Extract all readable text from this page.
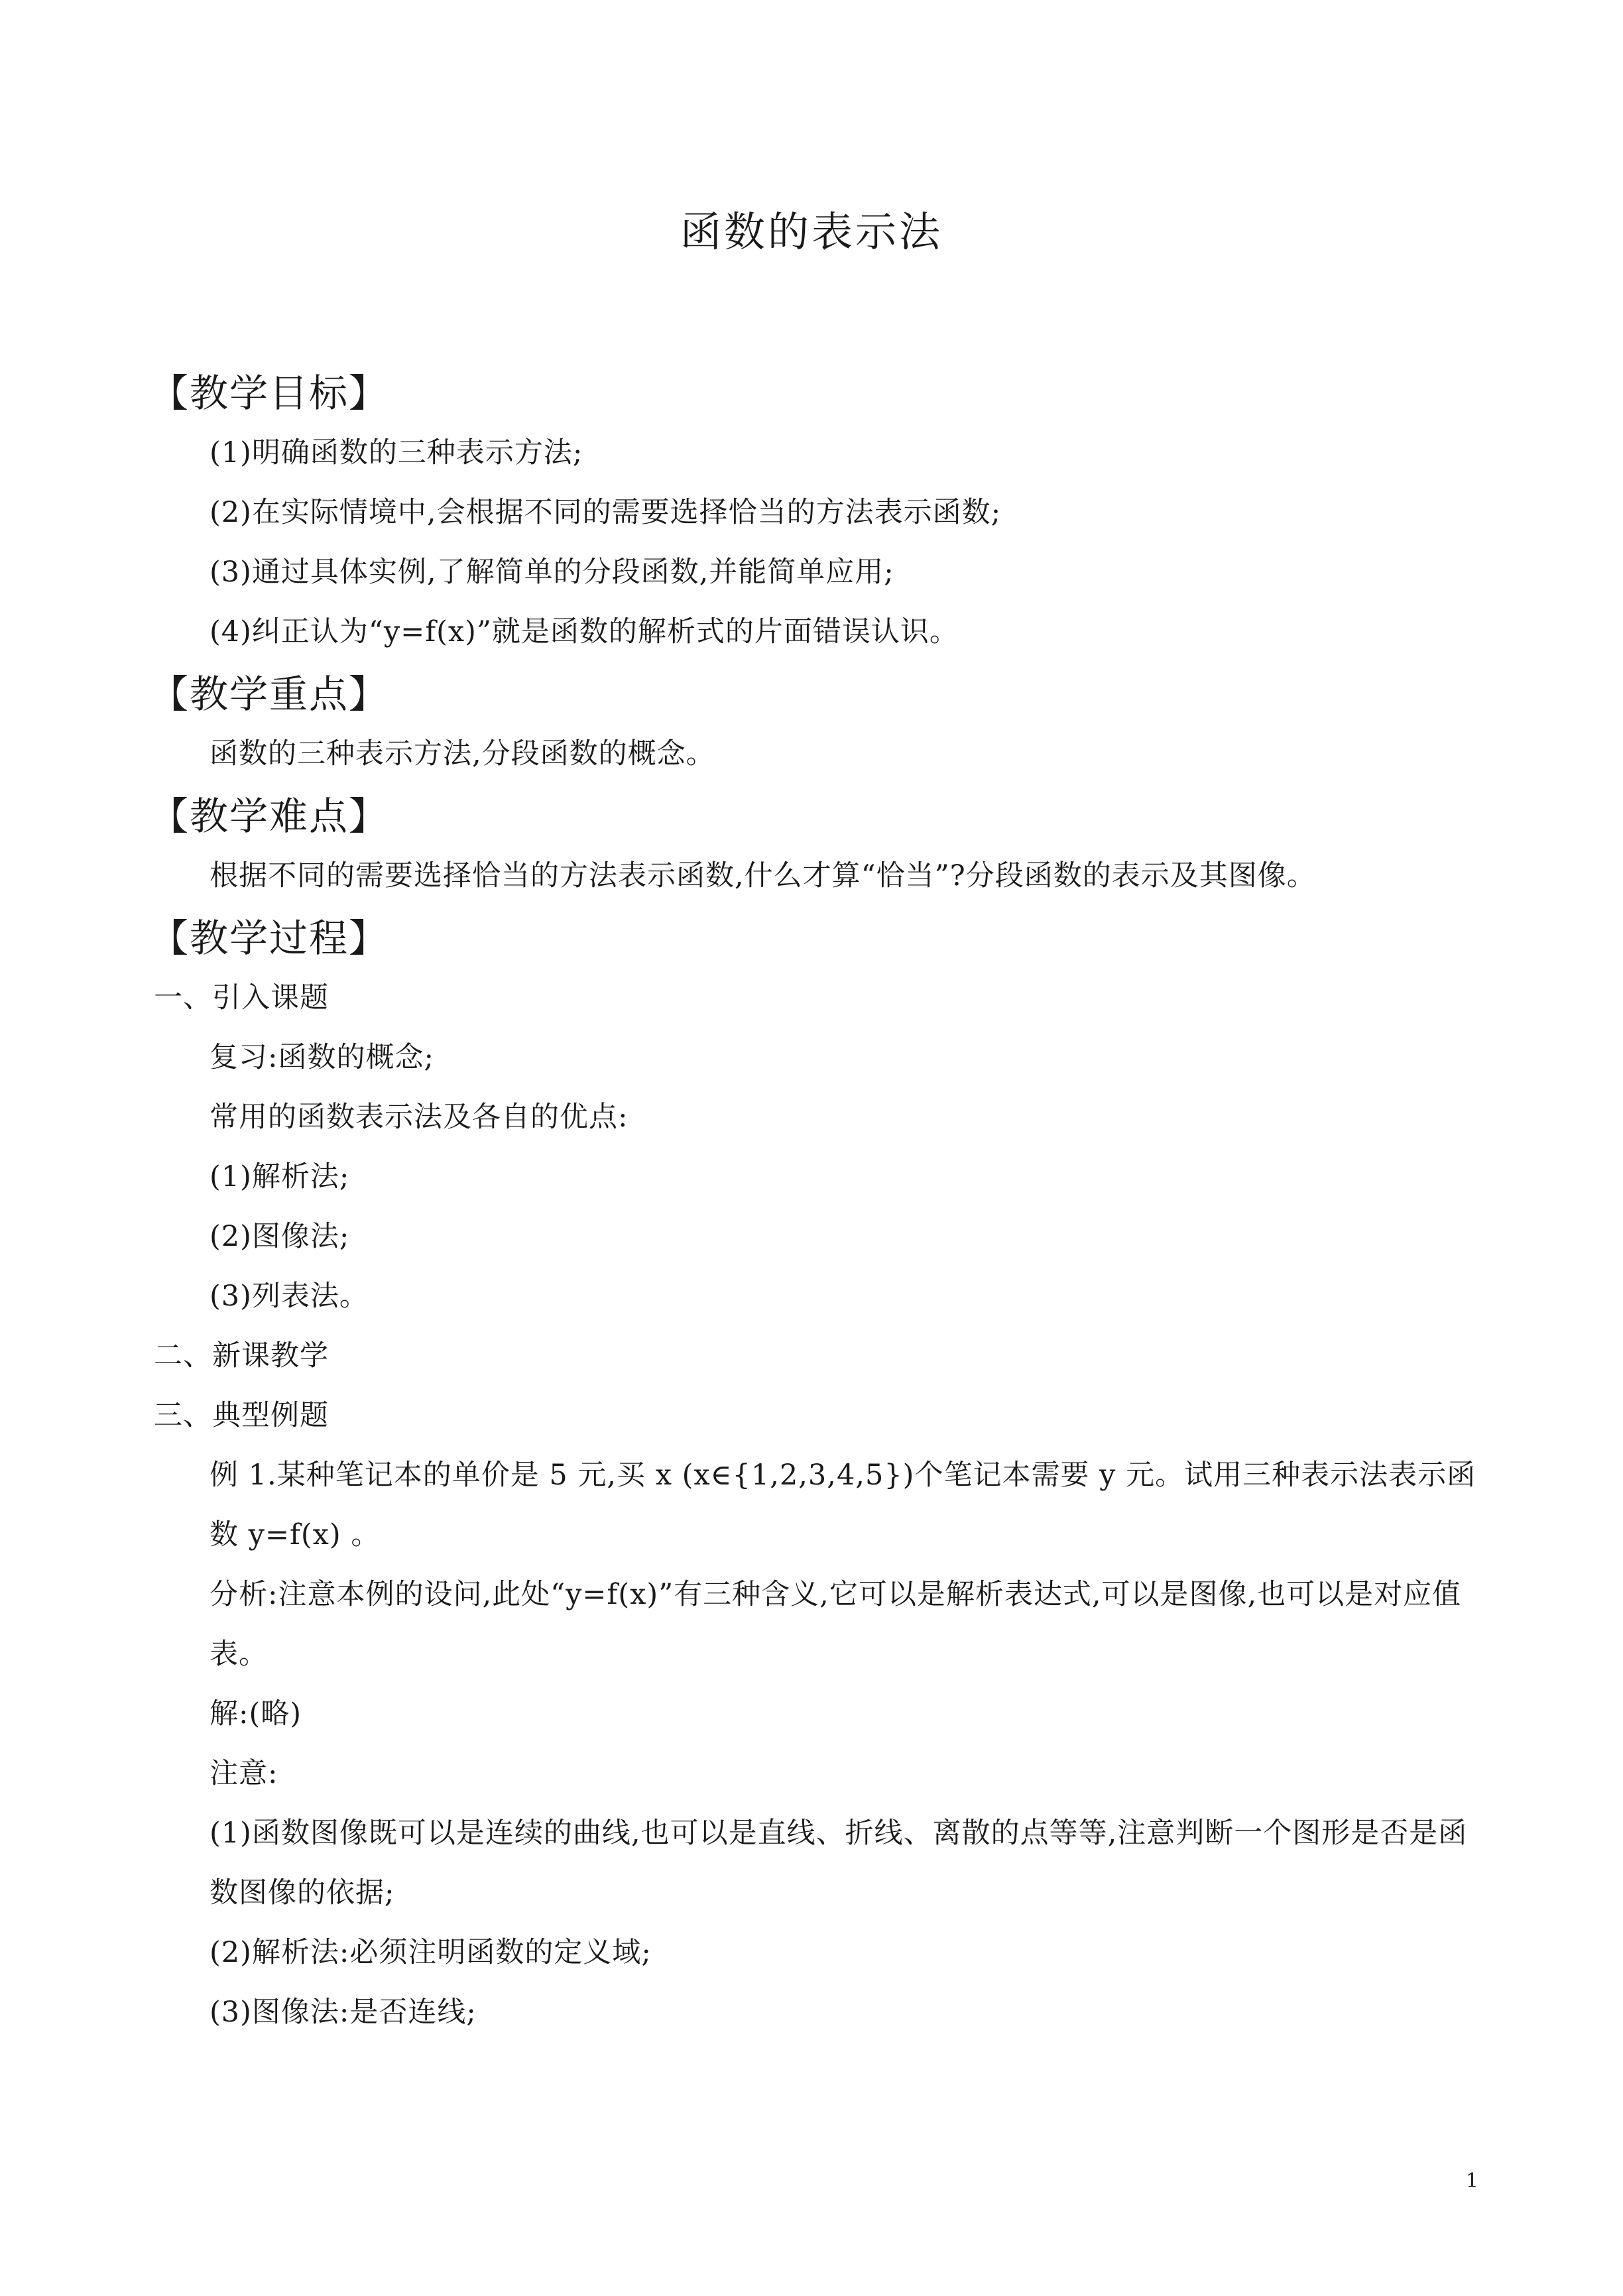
函数的表示法
【教学目标】
(1)明确函数的三种表示方法;
(2)在实际情境中,会根据不同的需要选择恰当的方法表示函数;
(3)通过具体实例,了解简单的分段函数,并能简单应用;
(4)纠正认为“y=f(x)”就是函数的解析式的片面错误认识。
【教学重点】
函数的三种表示方法,分段函数的概念。
【教学难点】
根据不同的需要选择恰当的方法表示函数,什么才算“恰当”?分段函数的表示及其图像。
【教学过程】
一、引入课题
复习:函数的概念;
常用的函数表示法及各自的优点:
(1)解析法;
(2)图像法;
(3)列表法。
二、新课教学
三、典型例题
例 1.某种笔记本的单价是 5 元,买 x (x∈{1,2,3,4,5})个笔记本需要 y 元。试用三种表示法表示函数 y=f(x) 。
分析:注意本例的设问,此处“y=f(x)”有三种含义,它可以是解析表达式,可以是图像,也可以是对应值表。
解:(略)
注意:
(1)函数图像既可以是连续的曲线,也可以是直线、折线、离散的点等等,注意判断一个图形是否是函数图像的依据;
(2)解析法:必须注明函数的定义域;
(3)图像法:是否连线;
1
